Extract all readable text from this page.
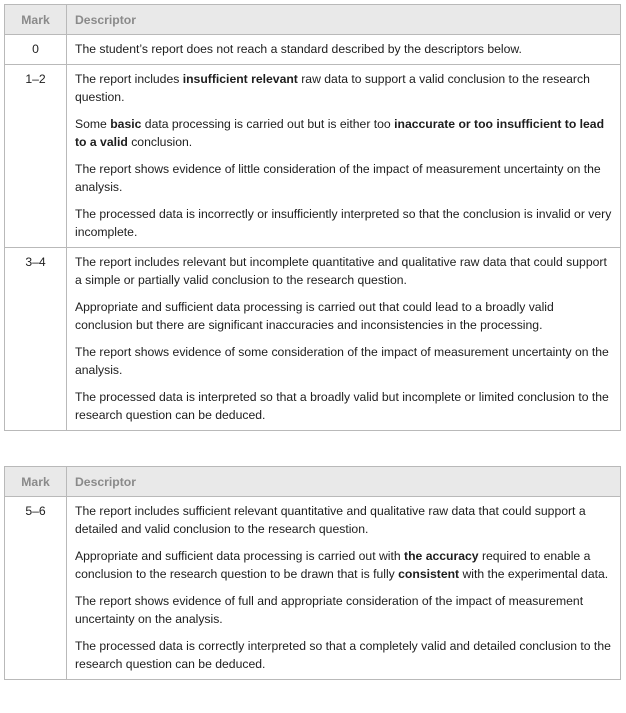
Mark	Descriptor
0	The student’s report does not reach a standard described by the descriptors below.

1–2	The report includes insufficient relevant raw data to support a valid conclusion to the research question.

Some basic data processing is carried out but is either too inaccurate or too insufficient to lead to a valid conclusion.

The report shows evidence of little consideration of the impact of measurement uncertainty on the analysis.

The processed data is incorrectly or insufficiently interpreted so that the conclusion is invalid or very incomplete.

3–4	The report includes relevant but incomplete quantitative and qualitative raw data that could support a simple or partially valid conclusion to the research question.

Appropriate and sufficient data processing is carried out that could lead to a broadly valid conclusion but there are significant inaccuracies and inconsistencies in the processing.

The report shows evidence of some consideration of the impact of measurement uncertainty on the analysis.

The processed data is interpreted so that a broadly valid but incomplete or limited conclusion to the research question can be deduced.

Mark	Descriptor
5–6	The report includes sufficient relevant quantitative and qualitative raw data that could support a detailed and valid conclusion to the research question.

Appropriate and sufficient data processing is carried out with the accuracy required to enable a conclusion to the research question to be drawn that is fully consistent with the experimental data.

The report shows evidence of full and appropriate consideration of the impact of measurement uncertainty on the analysis.

The processed data is correctly interpreted so that a completely valid and detailed conclusion to the research question can be deduced.
